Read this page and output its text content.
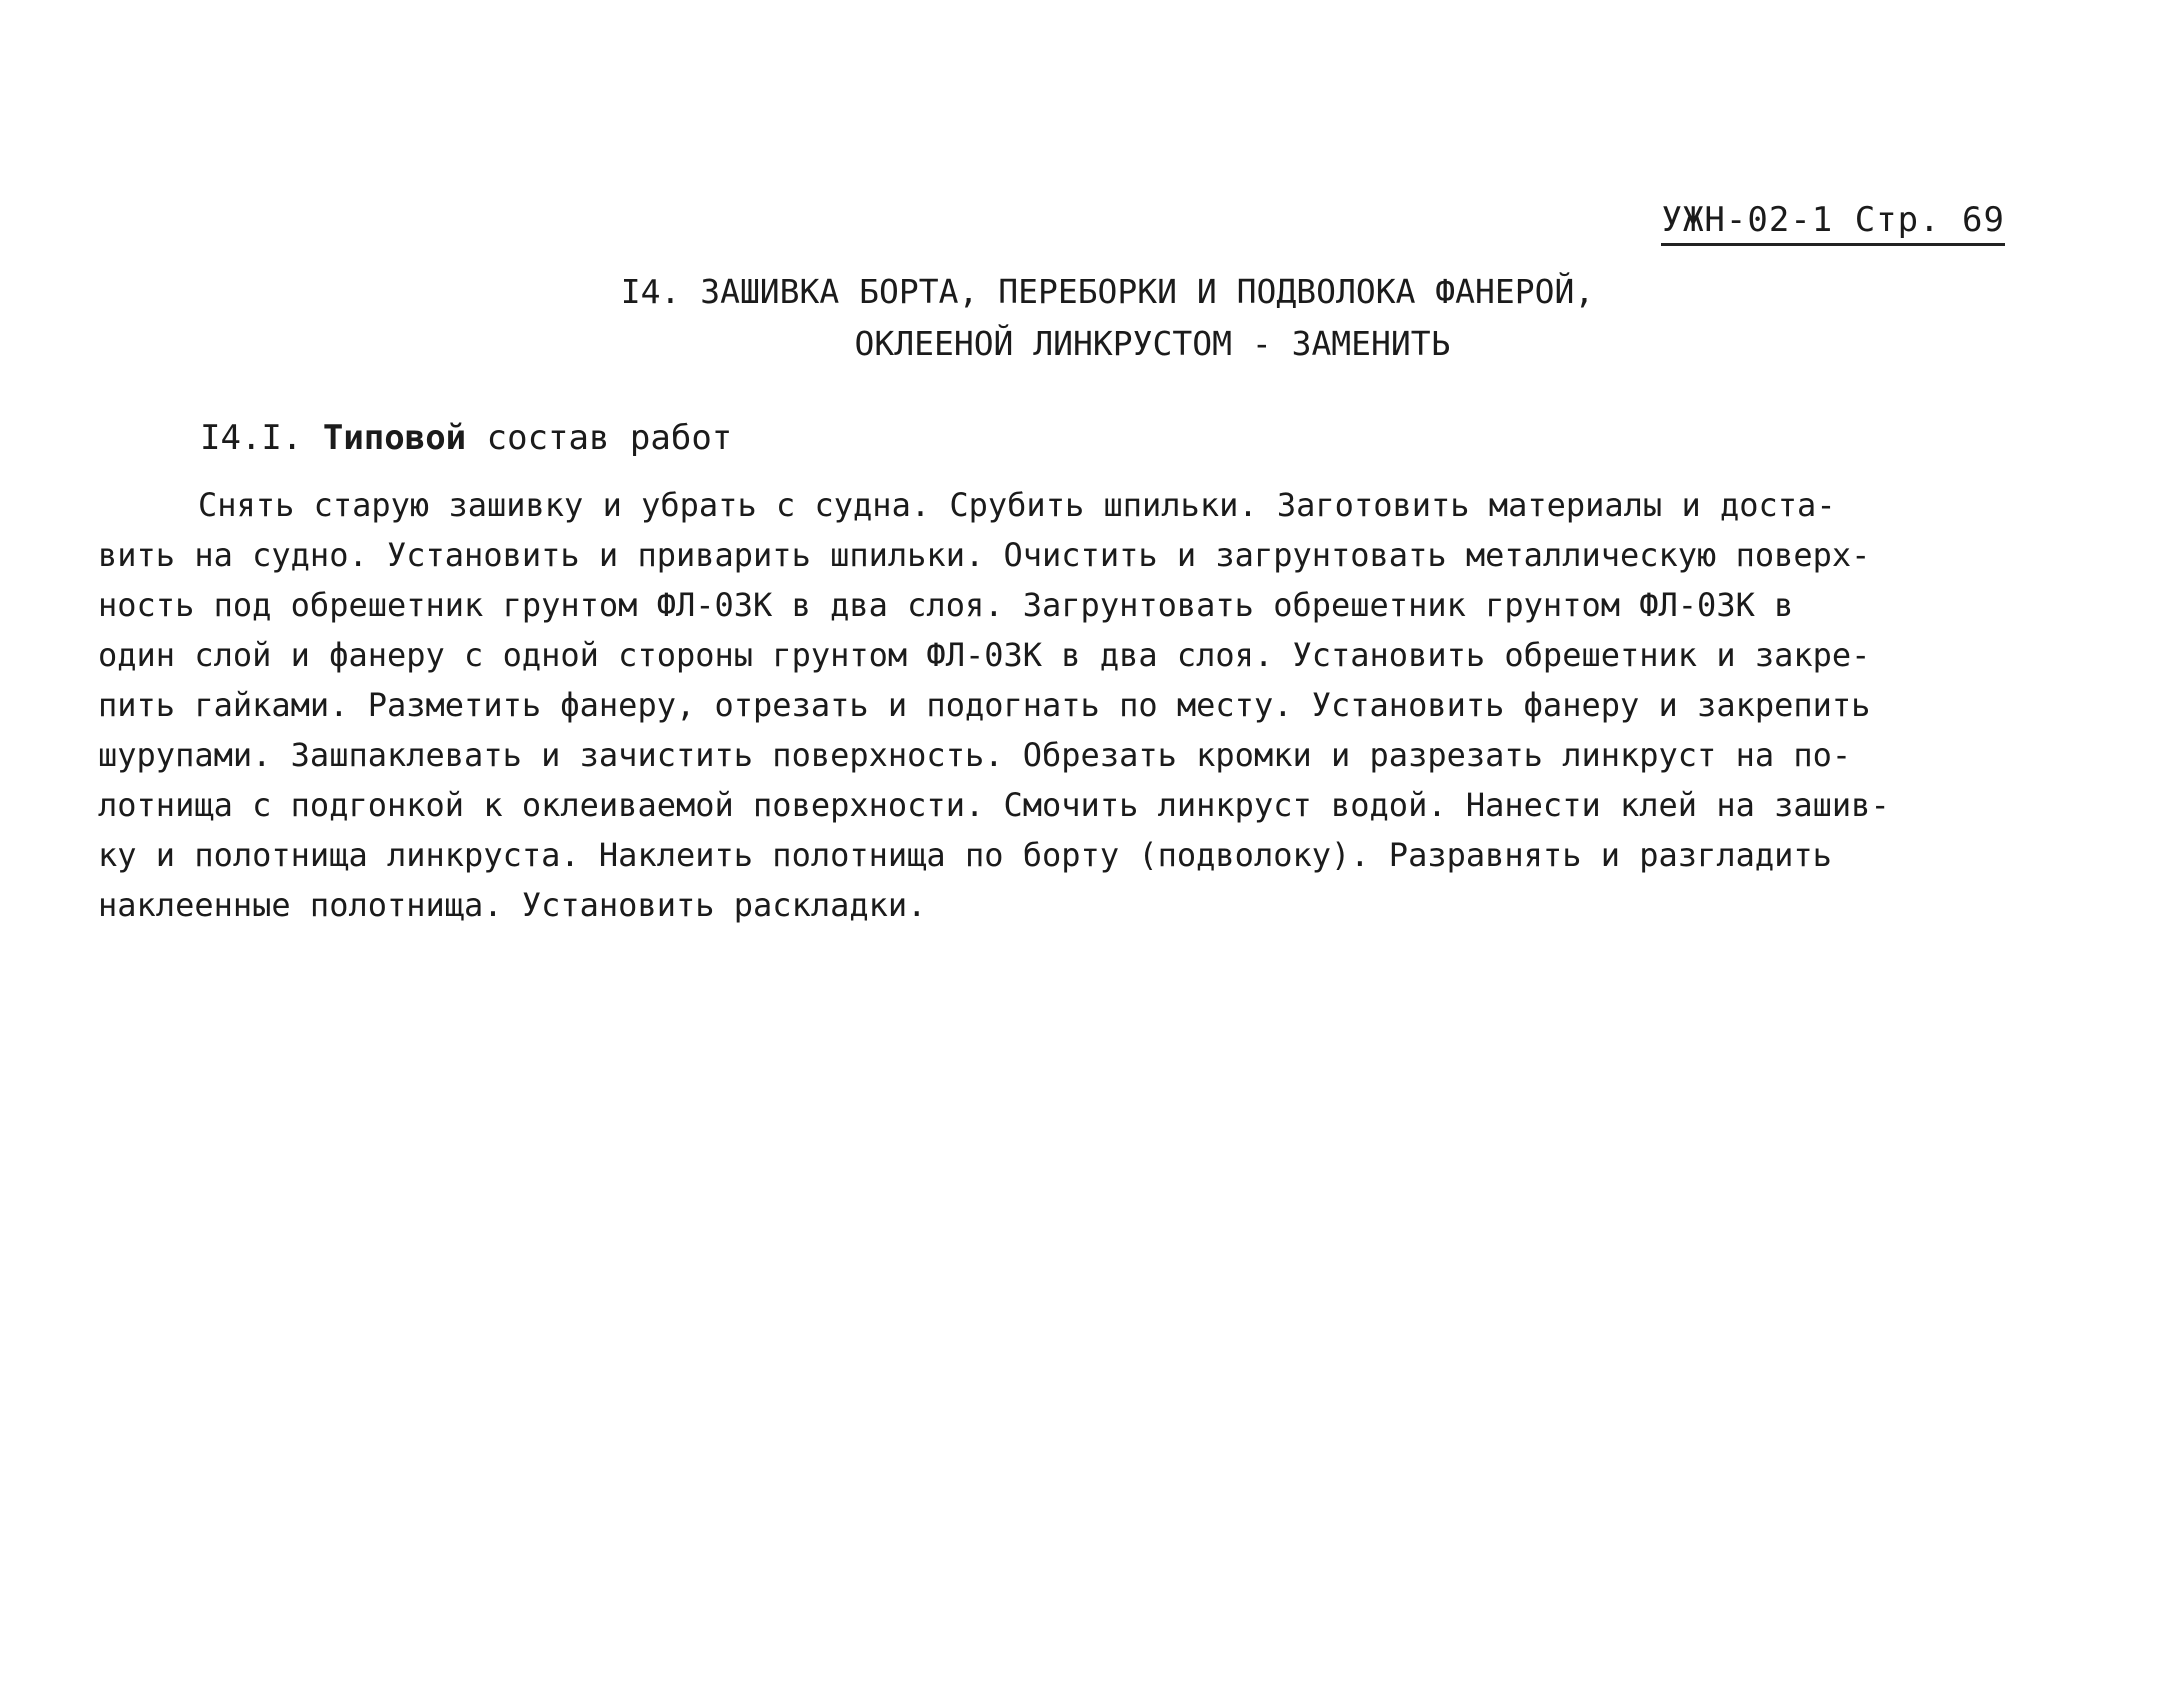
УЖН-02-1 Стр. 69
I4. ЗАШИВКА БОРТА, ПЕРЕБОРКИ И ПОДВОЛОКА ФАНЕРОЙ,
ОКЛЕЕНОЙ ЛИНКРУСТОМ - ЗАМЕНИТЬ
I4.I. Типовой состав работ
Снять старую зашивку и убрать с судна. Срубить шпильки. Заготовить материалы и доста-
вить на судно. Установить и приварить шпильки. Очистить и загрунтовать металлическую поверх-
ность под обрешетник грунтом ФЛ-03К в два слоя. Загрунтовать обрешетник грунтом ФЛ-03К в
один слой и фанеру с одной стороны грунтом ФЛ-03К в два слоя. Установить обрешетник и закре-
пить гайками. Разметить фанеру, отрезать и подогнать по месту. Установить фанеру и закрепить
шурупами. Зашпаклевать и зачистить поверхность. Обрезать кромки и разрезать линкруст на по-
лотнища с подгонкой к оклеиваемой поверхности. Смочить линкруст водой. Нанести клей на зашив-
ку и полотнища линкруста. Наклеить полотнища по борту (подволоку). Разравнять и разгладить
наклеенные полотнища. Установить раскладки.
